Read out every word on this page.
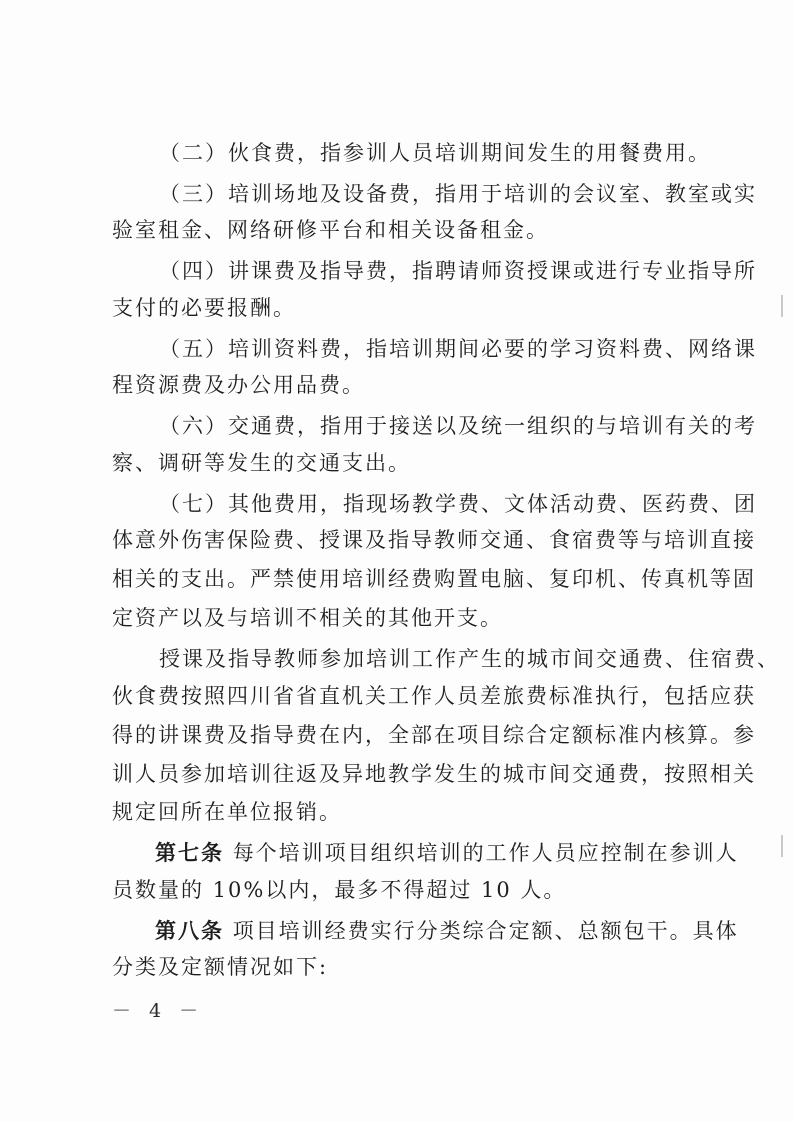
（二）伙食费，指参训人员培训期间发生的用餐费用。
（三）培训场地及设备费，指用于培训的会议室、教室或实
验室租金、网络研修平台和相关设备租金。
（四）讲课费及指导费，指聘请师资授课或进行专业指导所
支付的必要报酬。
（五）培训资料费，指培训期间必要的学习资料费、网络课
程资源费及办公用品费。
（六）交通费，指用于接送以及统一组织的与培训有关的考
察、调研等发生的交通支出。
（七）其他费用，指现场教学费、文体活动费、医药费、团
体意外伤害保险费、授课及指导教师交通、食宿费等与培训直接
相关的支出。严禁使用培训经费购置电脑、复印机、传真机等固
定资产以及与培训不相关的其他开支。
授课及指导教师参加培训工作产生的城市间交通费、住宿费、
伙食费按照四川省省直机关工作人员差旅费标准执行，包括应获
得的讲课费及指导费在内，全部在项目综合定额标准内核算。参
训人员参加培训往返及异地教学发生的城市间交通费，按照相关
规定回所在单位报销。
第七条 每个培训项目组织培训的工作人员应控制在参训人
员数量的 10%以内，最多不得超过 10 人。
第八条 项目培训经费实行分类综合定额、总额包干。具体
分类及定额情况如下:
－ 4 －
